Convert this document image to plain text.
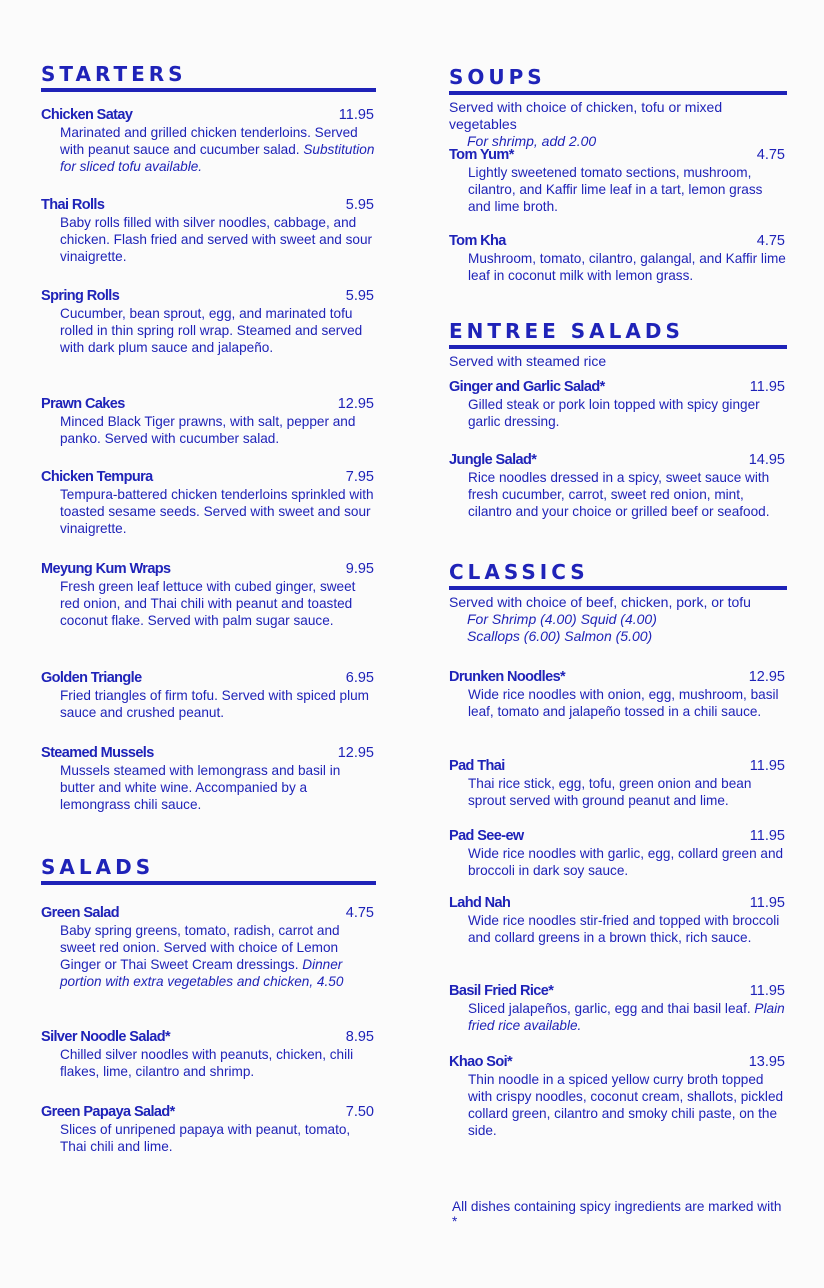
STARTERS
Chicken Satay	11.95
Marinated and grilled chicken tenderloins. Served with peanut sauce and cucumber salad. Substitution for sliced tofu available.
Thai Rolls	5.95
Baby rolls filled with silver noodles, cabbage, and chicken. Flash fried and served with sweet and sour vinaigrette.
Spring Rolls	5.95
Cucumber, bean sprout, egg, and marinated tofu rolled in thin spring roll wrap. Steamed and served with dark plum sauce and jalapeño.
Prawn Cakes	12.95
Minced Black Tiger prawns, with salt, pepper and panko. Served with cucumber salad.
Chicken Tempura	7.95
Tempura-battered chicken tenderloins sprinkled with toasted sesame seeds. Served with sweet and sour vinaigrette.
Meyung Kum Wraps	9.95
Fresh green leaf lettuce with cubed ginger, sweet red onion, and Thai chili with peanut and toasted coconut flake. Served with palm sugar sauce.
Golden Triangle	6.95
Fried triangles of firm tofu. Served with spiced plum sauce and crushed peanut.
Steamed Mussels	12.95
Mussels steamed with lemongrass and basil in butter and white wine. Accompanied by a lemongrass chili sauce.
SALADS
Green Salad	4.75
Baby spring greens, tomato, radish, carrot and sweet red onion. Served with choice of Lemon Ginger or Thai Sweet Cream dressings. Dinner portion with extra vegetables and chicken, 4.50
Silver Noodle Salad*	8.95
Chilled silver noodles with peanuts, chicken, chili flakes, lime, cilantro and shrimp.
Green Papaya Salad*	7.50
Slices of unripened papaya with peanut, tomato, Thai chili and lime.
SOUPS
Served with choice of chicken, tofu or mixed vegetables
For shrimp, add 2.00
Tom Yum*	4.75
Lightly sweetened tomato sections, mushroom, cilantro, and Kaffir lime leaf in a tart, lemon grass and lime broth.
Tom Kha	4.75
Mushroom, tomato, cilantro, galangal, and Kaffir lime leaf in coconut milk with lemon grass.
ENTREE SALADS
Served with steamed rice
Ginger and Garlic Salad*	11.95
Gilled steak or pork loin topped with spicy ginger garlic dressing.
Jungle Salad*	14.95
Rice noodles dressed in a spicy, sweet sauce with fresh cucumber, carrot, sweet red onion, mint, cilantro and your choice or grilled beef or seafood.
CLASSICS
Served with choice of beef, chicken, pork, or tofu
For Shrimp (4.00) Squid (4.00)
Scallops (6.00) Salmon (5.00)
Drunken Noodles*	12.95
Wide rice noodles with onion, egg, mushroom, basil leaf, tomato and jalapeño tossed in a chili sauce.
Pad Thai	11.95
Thai rice stick, egg, tofu, green onion and bean sprout served with ground peanut and lime.
Pad See-ew	11.95
Wide rice noodles with garlic, egg, collard green and broccoli in dark soy sauce.
Lahd Nah	11.95
Wide rice noodles stir-fried and topped with broccoli and collard greens in a brown thick, rich sauce.
Basil Fried Rice*	11.95
Sliced jalapeños, garlic, egg and thai basil leaf. Plain fried rice available.
Khao Soi*	13.95
Thin noodle in a spiced yellow curry broth topped with crispy noodles, coconut cream, shallots, pickled collard green, cilantro and smoky chili paste, on the side.
All dishes containing spicy ingredients are marked with *
